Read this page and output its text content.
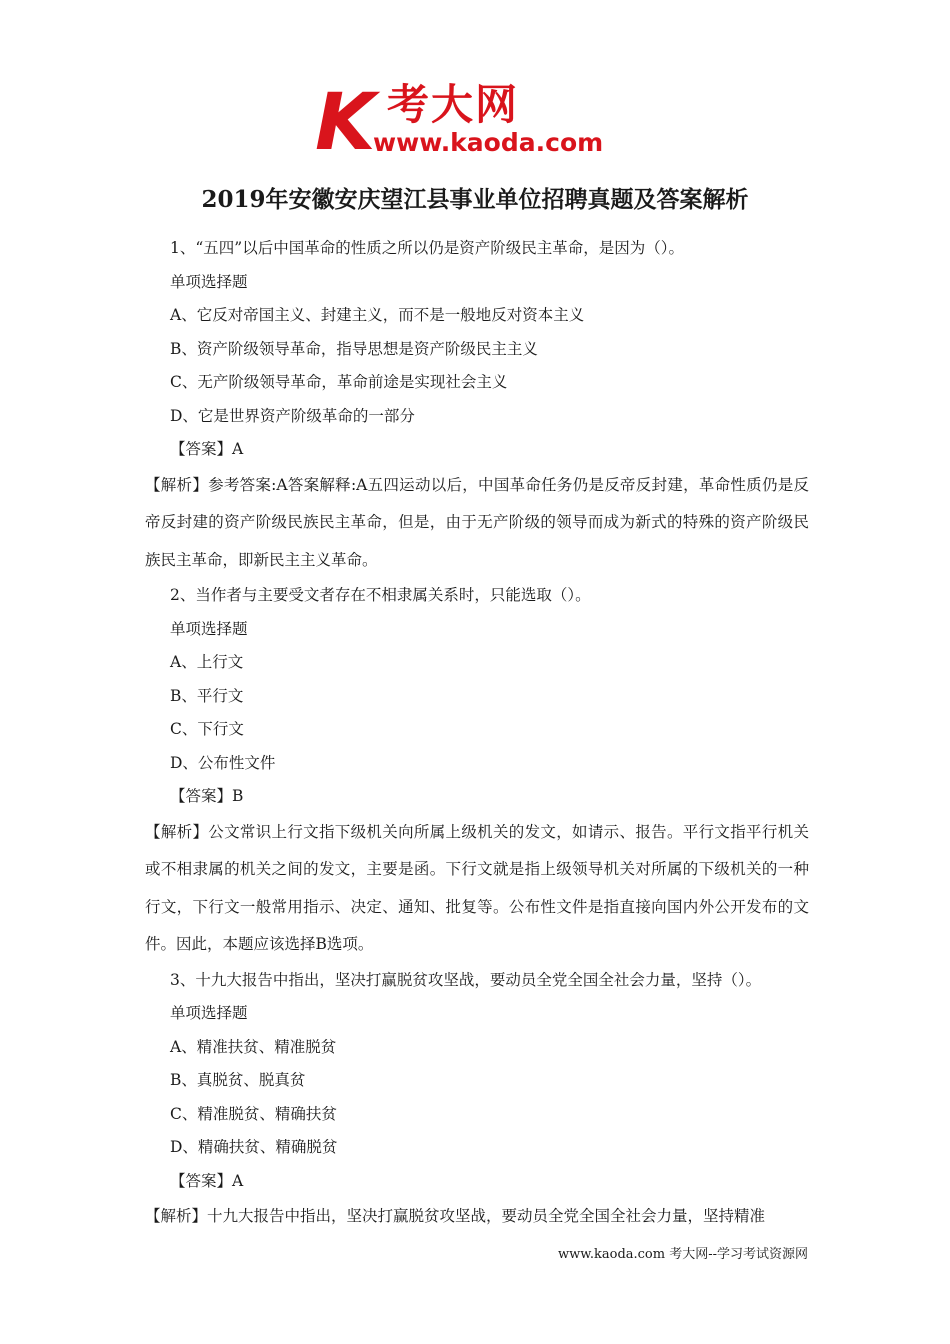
K 考大网
www.kaoda.com
2019年安徽安庆望江县事业单位招聘真题及答案解析
1、“五四”以后中国革命的性质之所以仍是资产阶级民主革命，是因为（）。
单项选择题
A、它反对帝国主义、封建主义，而不是一般地反对资本主义
B、资产阶级领导革命，指导思想是资产阶级民主主义
C、无产阶级领导革命，革命前途是实现社会主义
D、它是世界资产阶级革命的一部分
【答案】A
【解析】参考答案:A答案解释:A五四运动以后，中国革命任务仍是反帝反封建，革命性质仍是反帝反封建的资产阶级民族民主革命，但是，由于无产阶级的领导而成为新式的特殊的资产阶级民族民主革命，即新民主主义革命。
2、当作者与主要受文者存在不相隶属关系时，只能选取（）。
单项选择题
A、上行文
B、平行文
C、下行文
D、公布性文件
【答案】B
【解析】公文常识上行文指下级机关向所属上级机关的发文，如请示、报告。平行文指平行机关或不相隶属的机关之间的发文，主要是函。下行文就是指上级领导机关对所属的下级机关的一种行文，下行文一般常用指示、决定、通知、批复等。公布性文件是指直接向国内外公开发布的文件。因此，本题应该选择B选项。
3、十九大报告中指出，坚决打赢脱贫攻坚战，要动员全党全国全社会力量，坚持（）。
单项选择题
A、精准扶贫、精准脱贫
B、真脱贫、脱真贫
C、精准脱贫、精确扶贫
D、精确扶贫、精确脱贫
【答案】A
【解析】十九大报告中指出，坚决打赢脱贫攻坚战，要动员全党全国全社会力量，坚持精准
www.kaoda.com 考大网--学习考试资源网
